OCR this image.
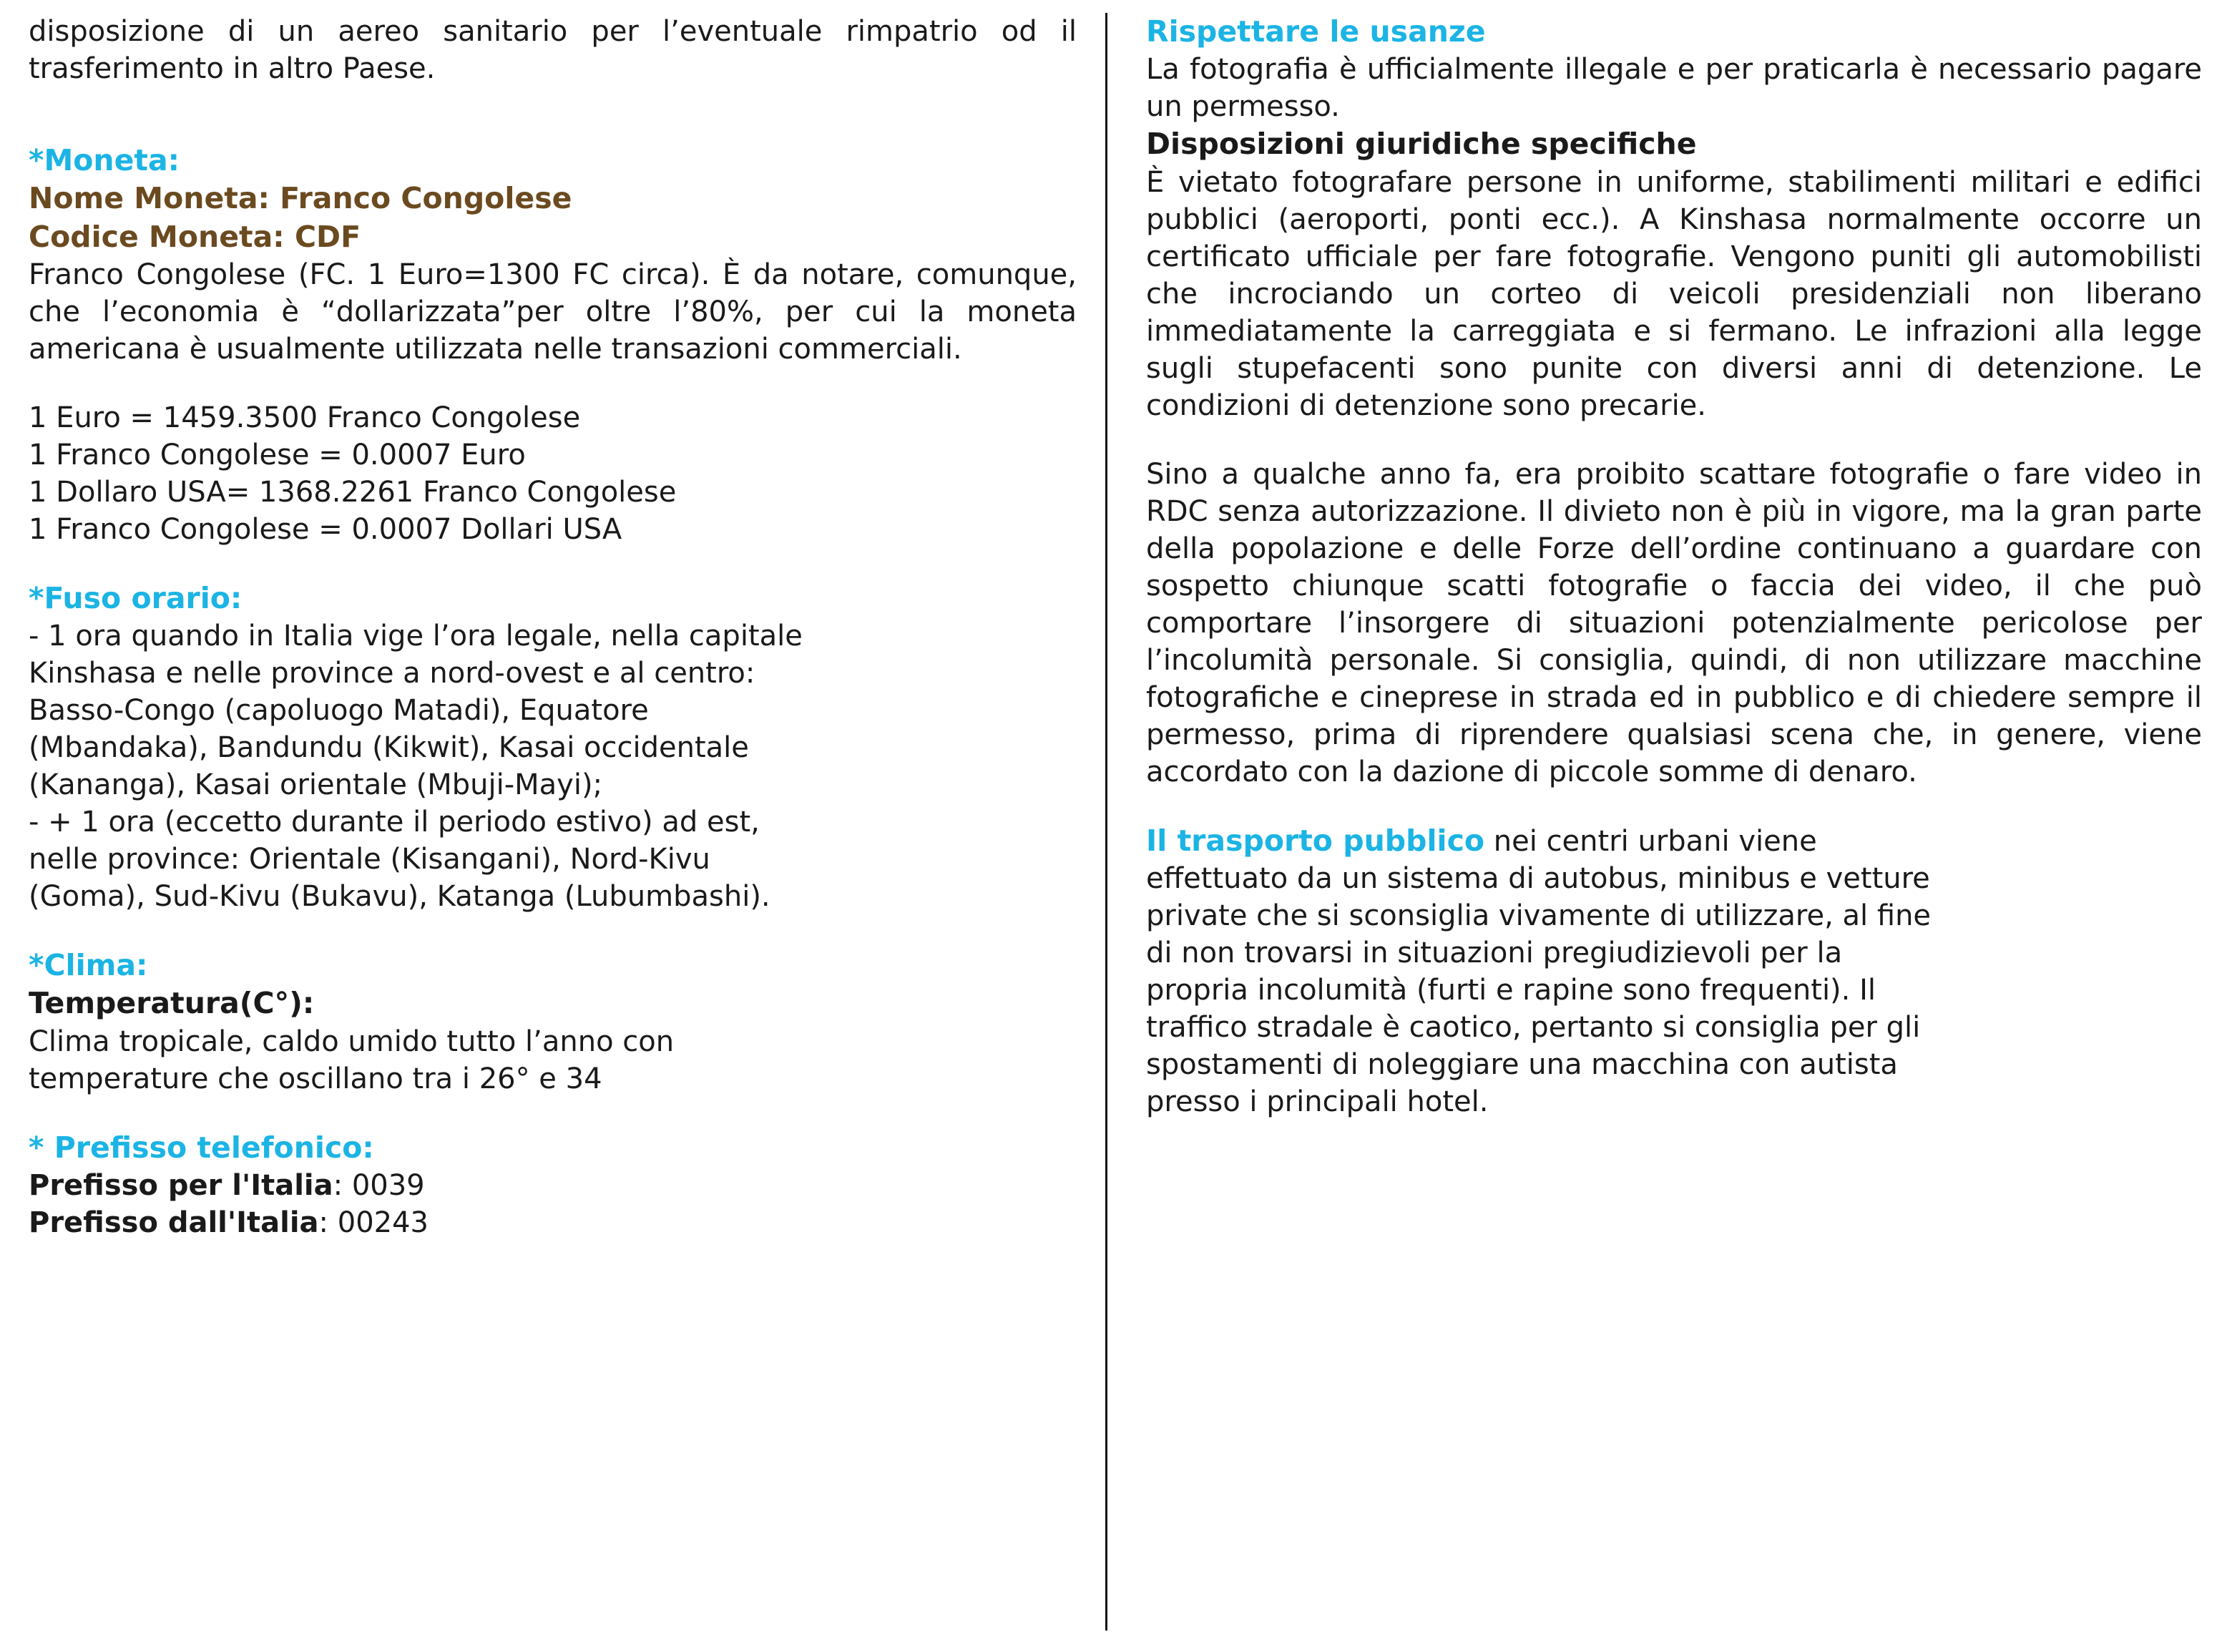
disposizione di un aereo sanitario per l’eventuale rimpatrio od il trasferimento in altro Paese.

*Moneta:

Nome Moneta: Franco Congolese

Codice Moneta: CDF

Franco Congolese (FC. 1 Euro=1300 FC circa). È da notare, comunque, che l’economia è “dollarizzata”per oltre l’80%, per cui la moneta americana è usualmente utilizzata nelle transazioni commerciali.

1 Euro = 1459.3500 Franco Congolese

1 Franco Congolese = 0.0007 Euro

1 Dollaro USA= 1368.2261 Franco Congolese

1 Franco Congolese = 0.0007 Dollari USA

*Fuso orario:

- 1 ora quando in Italia vige l’ora legale, nella capitale

Kinshasa e nelle province a nord-ovest e al centro:

Basso-Congo (capoluogo Matadi), Equatore

(Mbandaka), Bandundu (Kikwit), Kasai occidentale

(Kananga), Kasai orientale (Mbuji-Mayi);

- + 1 ora (eccetto durante il periodo estivo) ad est,

nelle province: Orientale (Kisangani), Nord-Kivu

(Goma), Sud-Kivu (Bukavu), Katanga (Lubumbashi).

*Clima:

Temperatura(C°):

Clima tropicale, caldo umido tutto l’anno con

temperature che oscillano tra i 26° e 34

* Prefisso telefonico:

Prefisso per l'Italia: 0039

Prefisso dall'Italia: 00243

Rispettare le usanze

La fotografia è ufficialmente illegale e per praticarla è necessario pagare un permesso.

Disposizioni giuridiche specifiche

È vietato fotografare persone in uniforme, stabilimenti militari e edifici pubblici (aeroporti, ponti ecc.). A Kinshasa normalmente occorre un certificato ufficiale per fare fotografie. Vengono puniti gli automobilisti che incrociando un corteo di veicoli presidenziali non liberano immediatamente la carreggiata e si fermano. Le infrazioni alla legge sugli stupefacenti sono punite con diversi anni di detenzione. Le condizioni di detenzione sono precarie.

Sino a qualche anno fa, era proibito scattare fotografie o fare video in RDC senza autorizzazione. Il divieto non è più in vigore, ma la gran parte della popolazione e delle Forze dell’ordine continuano a guardare con sospetto chiunque scatti fotografie o faccia dei video, il che può comportare l’insorgere di situazioni potenzialmente pericolose per l’incolumità personale. Si consiglia, quindi, di non utilizzare macchine fotografiche e cineprese in strada ed in pubblico e di chiedere sempre il permesso, prima di riprendere qualsiasi scena che, in genere, viene accordato con la dazione di piccole somme di denaro.

Il trasporto pubblico nei centri urbani viene

effettuato da un sistema di autobus, minibus e vetture

private che si sconsiglia vivamente di utilizzare, al fine

di non trovarsi in situazioni pregiudizievoli per la

propria incolumità (furti e rapine sono frequenti). Il

traffico stradale è caotico, pertanto si consiglia per gli

spostamenti di noleggiare una macchina con autista

presso i principali hotel.
